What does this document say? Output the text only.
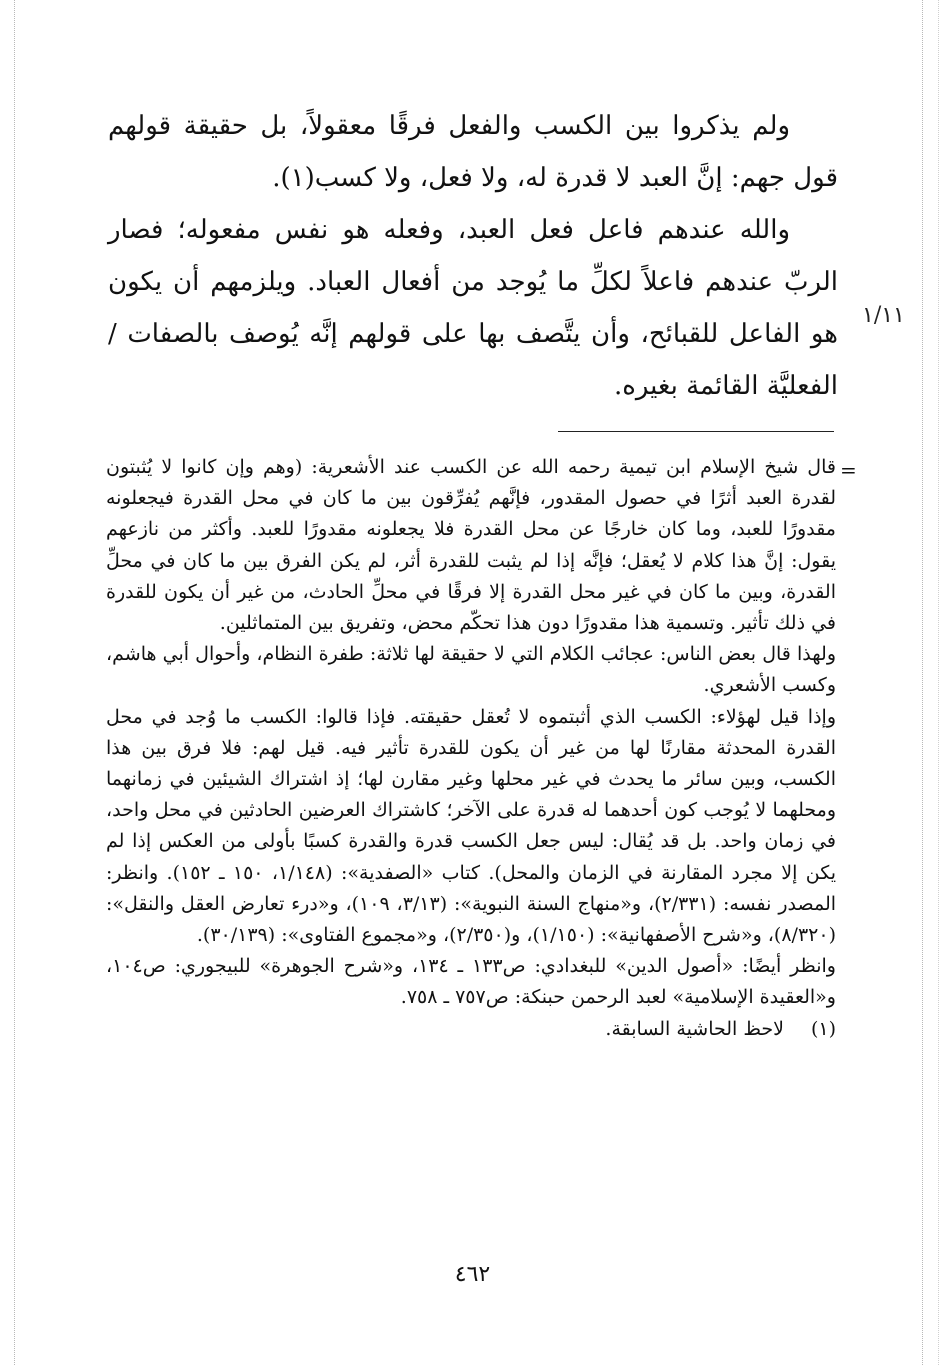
١/١١

ولم يذكروا بين الكسب والفعل فرقًا معقولاً، بل حقيقة قولهم قول جهم: إنَّ العبد لا قدرة له، ولا فعل، ولا كسب(١).

والله عندهم فاعل فعل العبد، وفعله هو نفس مفعوله؛ فصار الربّ عندهم فاعلاً لكلِّ ما يُوجد من أفعال العباد. ويلزمهم أن يكون هو الفاعل للقبائح، وأن يتَّصف بها على قولهم إنَّه يُوصف بالصفات / الفعليَّة القائمة بغيره.

=

قال شيخ الإسلام ابن تيمية رحمه الله عن الكسب عند الأشعرية: (وهم وإن كانوا لا يُثبتون لقدرة العبد أثرًا في حصول المقدور، فإنَّهم يُفرِّقون بين ما كان في محل القدرة فيجعلونه مقدورًا للعبد، وما كان خارجًا عن محل القدرة فلا يجعلونه مقدورًا للعبد. وأكثر من نازعهم يقول: إنَّ هذا كلام لا يُعقل؛ فإنَّه إذا لم يثبت للقدرة أثر، لم يكن الفرق بين ما كان في محلِّ القدرة، وبين ما كان في غير محل القدرة إلا فرقًا في محلِّ الحادث، من غير أن يكون للقدرة في ذلك تأثير. وتسمية هذا مقدورًا دون هذا تحكّم محض، وتفريق بين المتماثلين.

ولهذا قال بعض الناس: عجائب الكلام التي لا حقيقة لها ثلاثة: طفرة النظام، وأحوال أبي هاشم، وكسب الأشعري.

وإذا قيل لهؤلاء: الكسب الذي أثبتموه لا تُعقل حقيقته. فإذا قالوا: الكسب ما وُجد في محل القدرة المحدثة مقارنًا لها من غير أن يكون للقدرة تأثير فيه. قيل لهم: فلا فرق بين هذا الكسب، وبين سائر ما يحدث في غير محلها وغير مقارن لها؛ إذ اشتراك الشيئين في زمانهما ومحلهما لا يُوجب كون أحدهما له قدرة على الآخر؛ كاشتراك العرضين الحادثين في محل واحد، في زمان واحد. بل قد يُقال: ليس جعل الكسب قدرة والقدرة كسبًا بأولى من العكس إذا لم يكن إلا مجرد المقارنة في الزمان والمحل). كتاب «الصفدية»: (١/١٤٨، ١٥٠ ـ ١٥٢). وانظر: المصدر نفسه: (٢/٣٣١)، و«منهاج السنة النبوية»: (٣/١٣، ١٠٩)، و«درء تعارض العقل والنقل»: (٨/٣٢٠)، و«شرح الأصفهانية»: (١/١٥٠)، و(٢/٣٥٠)، و«مجموع الفتاوى»: (٣٠/١٣٩).

وانظر أيضًا: «أصول الدين» للبغدادي: ص١٣٣ ـ ١٣٤، و«شرح الجوهرة» للبيجوري: ص١٠٤، و«العقيدة الإسلامية» لعبد الرحمن حبنكة: ص٧٥٧ ـ ٧٥٨.

(١)
لاحظ الحاشية السابقة.

٤٦٢
